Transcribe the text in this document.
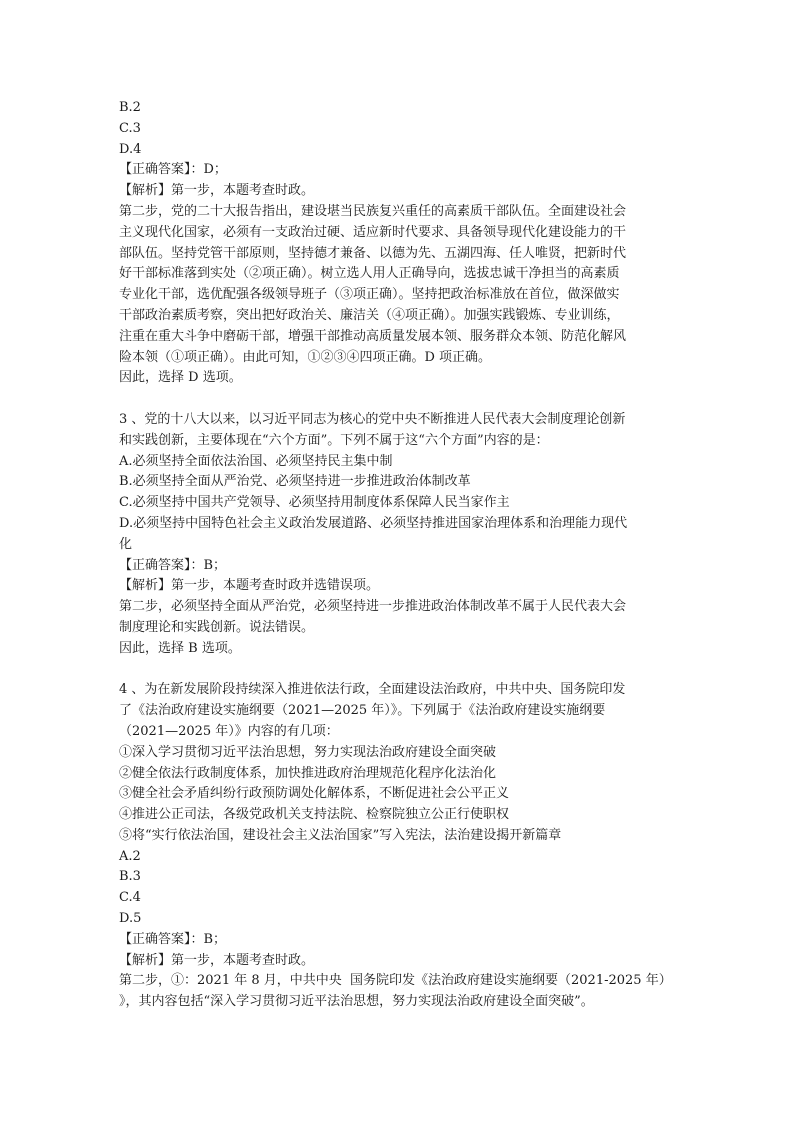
B.2
C.3
D.4
【正确答案】：D；
【解析】第一步，本题考查时政。
第二步，党的二十大报告指出，建设堪当民族复兴重任的高素质干部队伍。全面建设社会
主义现代化国家，必须有一支政治过硬、适应新时代要求、具备领导现代化建设能力的干
部队伍。坚持党管干部原则，坚持德才兼备、以德为先、五湖四海、任人唯贤，把新时代
好干部标准落到实处（②项正确）。树立选人用人正确导向，选拔忠诚干净担当的高素质
专业化干部，选优配强各级领导班子（③项正确）。坚持把政治标准放在首位，做深做实
干部政治素质考察，突出把好政治关、廉洁关（④项正确）。加强实践锻炼、专业训练，
注重在重大斗争中磨砺干部，增强干部推动高质量发展本领、服务群众本领、防范化解风
险本领（①项正确）。由此可知，①②③④四项正确。D 项正确。
因此，选择 D 选项。
3 、党的十八大以来，以习近平同志为核心的党中央不断推进人民代表大会制度理论创新
和实践创新，主要体现在“六个方面”。下列不属于这“六个方面”内容的是：
A.必须坚持全面依法治国、必须坚持民主集中制
B.必须坚持全面从严治党、必须坚持进一步推进政治体制改革
C.必须坚持中国共产党领导、必须坚持用制度体系保障人民当家作主
D.必须坚持中国特色社会主义政治发展道路、必须坚持推进国家治理体系和治理能力现代
化
【正确答案】：B；
【解析】第一步，本题考查时政并选错误项。
第二步，必须坚持全面从严治党，必须坚持进一步推进政治体制改革不属于人民代表大会
制度理论和实践创新。说法错误。
因此，选择 B 选项。
4 、为在新发展阶段持续深入推进依法行政，全面建设法治政府，中共中央、国务院印发
了《法治政府建设实施纲要（2021—2025 年）》。下列属于《法治政府建设实施纲要
（2021—2025 年）》内容的有几项：
①深入学习贯彻习近平法治思想，努力实现法治政府建设全面突破
②健全依法行政制度体系，加快推进政府治理规范化程序化法治化
③健全社会矛盾纠纷行政预防调处化解体系，不断促进社会公平正义
④推进公正司法，各级党政机关支持法院、检察院独立公正行使职权
⑤将“实行依法治国，建设社会主义法治国家”写入宪法，法治建设揭开新篇章
A.2
B.3
C.4
D.5
【正确答案】：B；
【解析】第一步，本题考查时政。
第二步，①：2021 年 8 月，中共中央  国务院印发《法治政府建设实施纲要（2021-2025 年）
》，其内容包括“深入学习贯彻习近平法治思想，努力实现法治政府建设全面突破”。
